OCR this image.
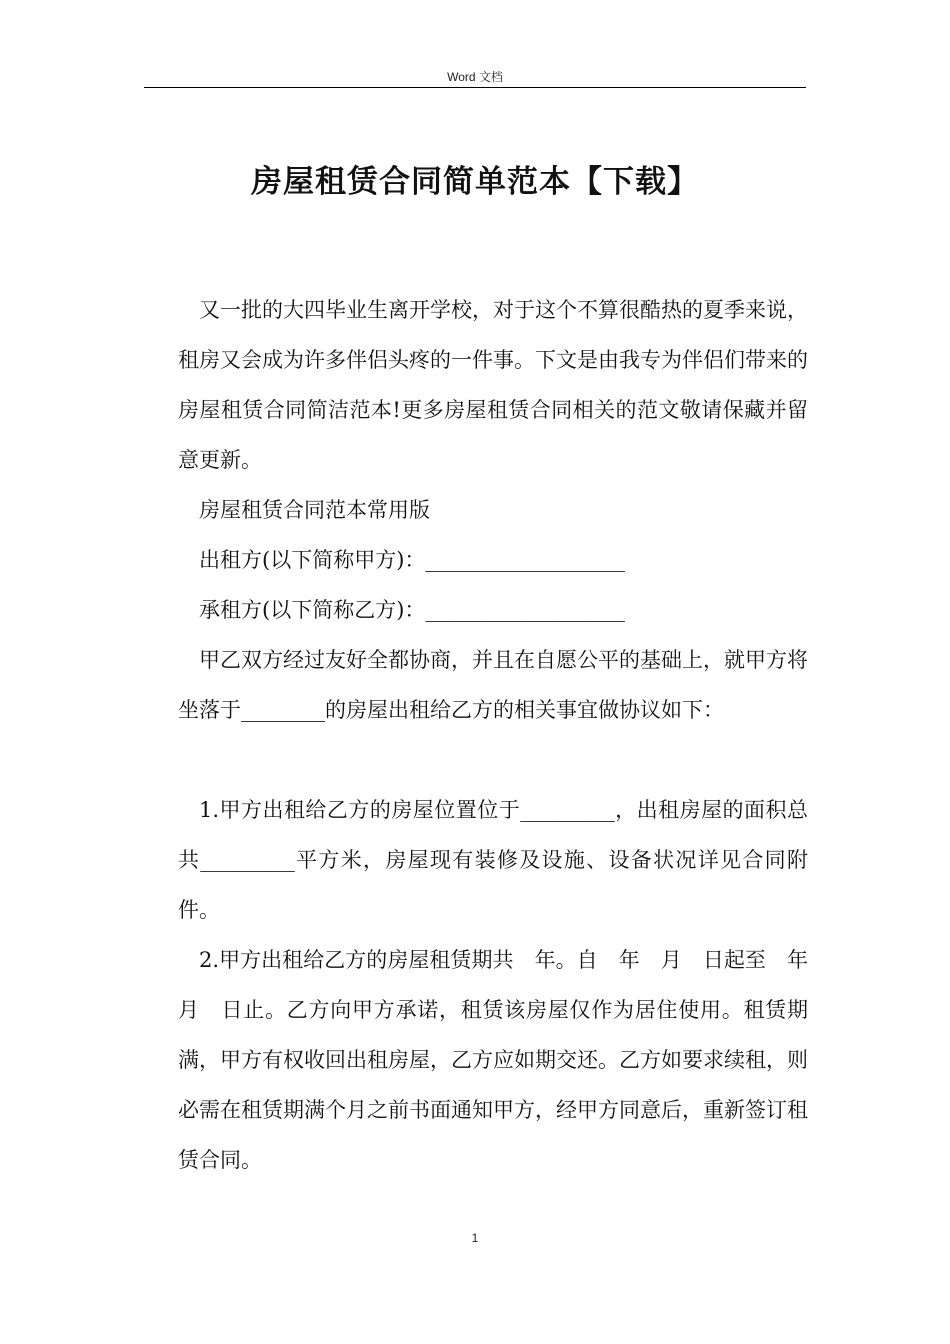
Word 文档
房屋租赁合同简单范本【下载】

又一批的大四毕业生离开学校，对于这个不算很酷热的夏季来说，租房又会成为许多伴侣头疼的一件事。下文是由我专为伴侣们带来的房屋租赁合同简洁范本!更多房屋租赁合同相关的范文敬请保藏并留意更新。

房屋租赁合同范本常用版

出租方(以下简称甲方)：___________________

承租方(以下简称乙方)：___________________

甲乙双方经过友好全都协商，并且在自愿公平的基础上，就甲方将坐落于________的房屋出租给乙方的相关事宜做协议如下：

1.甲方出租给乙方的房屋位置位于_________，出租房屋的面积总共_________平方米，房屋现有装修及设施、设备状况详见合同附件。

2.甲方出租给乙方的房屋租赁期共　年。自　年　月　日起至　年　月　日止。乙方向甲方承诺，租赁该房屋仅作为居住使用。租赁期满，甲方有权收回出租房屋，乙方应如期交还。乙方如要求续租，则必需在租赁期满个月之前书面通知甲方，经甲方同意后，重新签订租赁合同。

1
